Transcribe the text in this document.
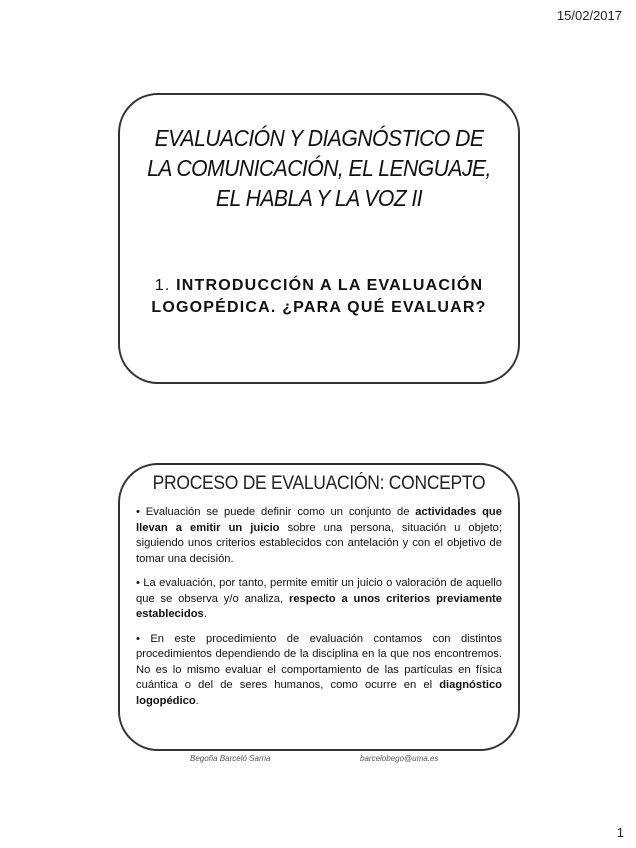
15/02/2017
EVALUACIÓN Y DIAGNÓSTICO DE
LA COMUNICACIÓN, EL LENGUAJE,
EL HABLA Y LA VOZ II
1. INTRODUCCIÓN A LA EVALUACIÓN
LOGOPÉDICA. ¿PARA QUÉ EVALUAR?
PROCESO DE EVALUACIÓN: CONCEPTO

• Evaluación se puede definir como un conjunto de actividades que llevan a emitir un juicio sobre una persona, situación u objeto; siguiendo unos criterios establecidos con antelación y con el objetivo de tomar una decisión.

• La evaluación, por tanto, permite emitir un juicio o valoración de aquello que se observa y/o analiza, respecto a unos criterios previamente establecidos.

• En este procedimiento de evaluación contamos con distintos procedimientos dependiendo de la disciplina en la que nos encontremos. No es lo mismo evaluar el comportamiento de las partículas en física cuántica o del de seres humanos, como ocurre en el diagnóstico logopédico.

Begoña Barceló Sarria	barcelobego@uma.es
1
